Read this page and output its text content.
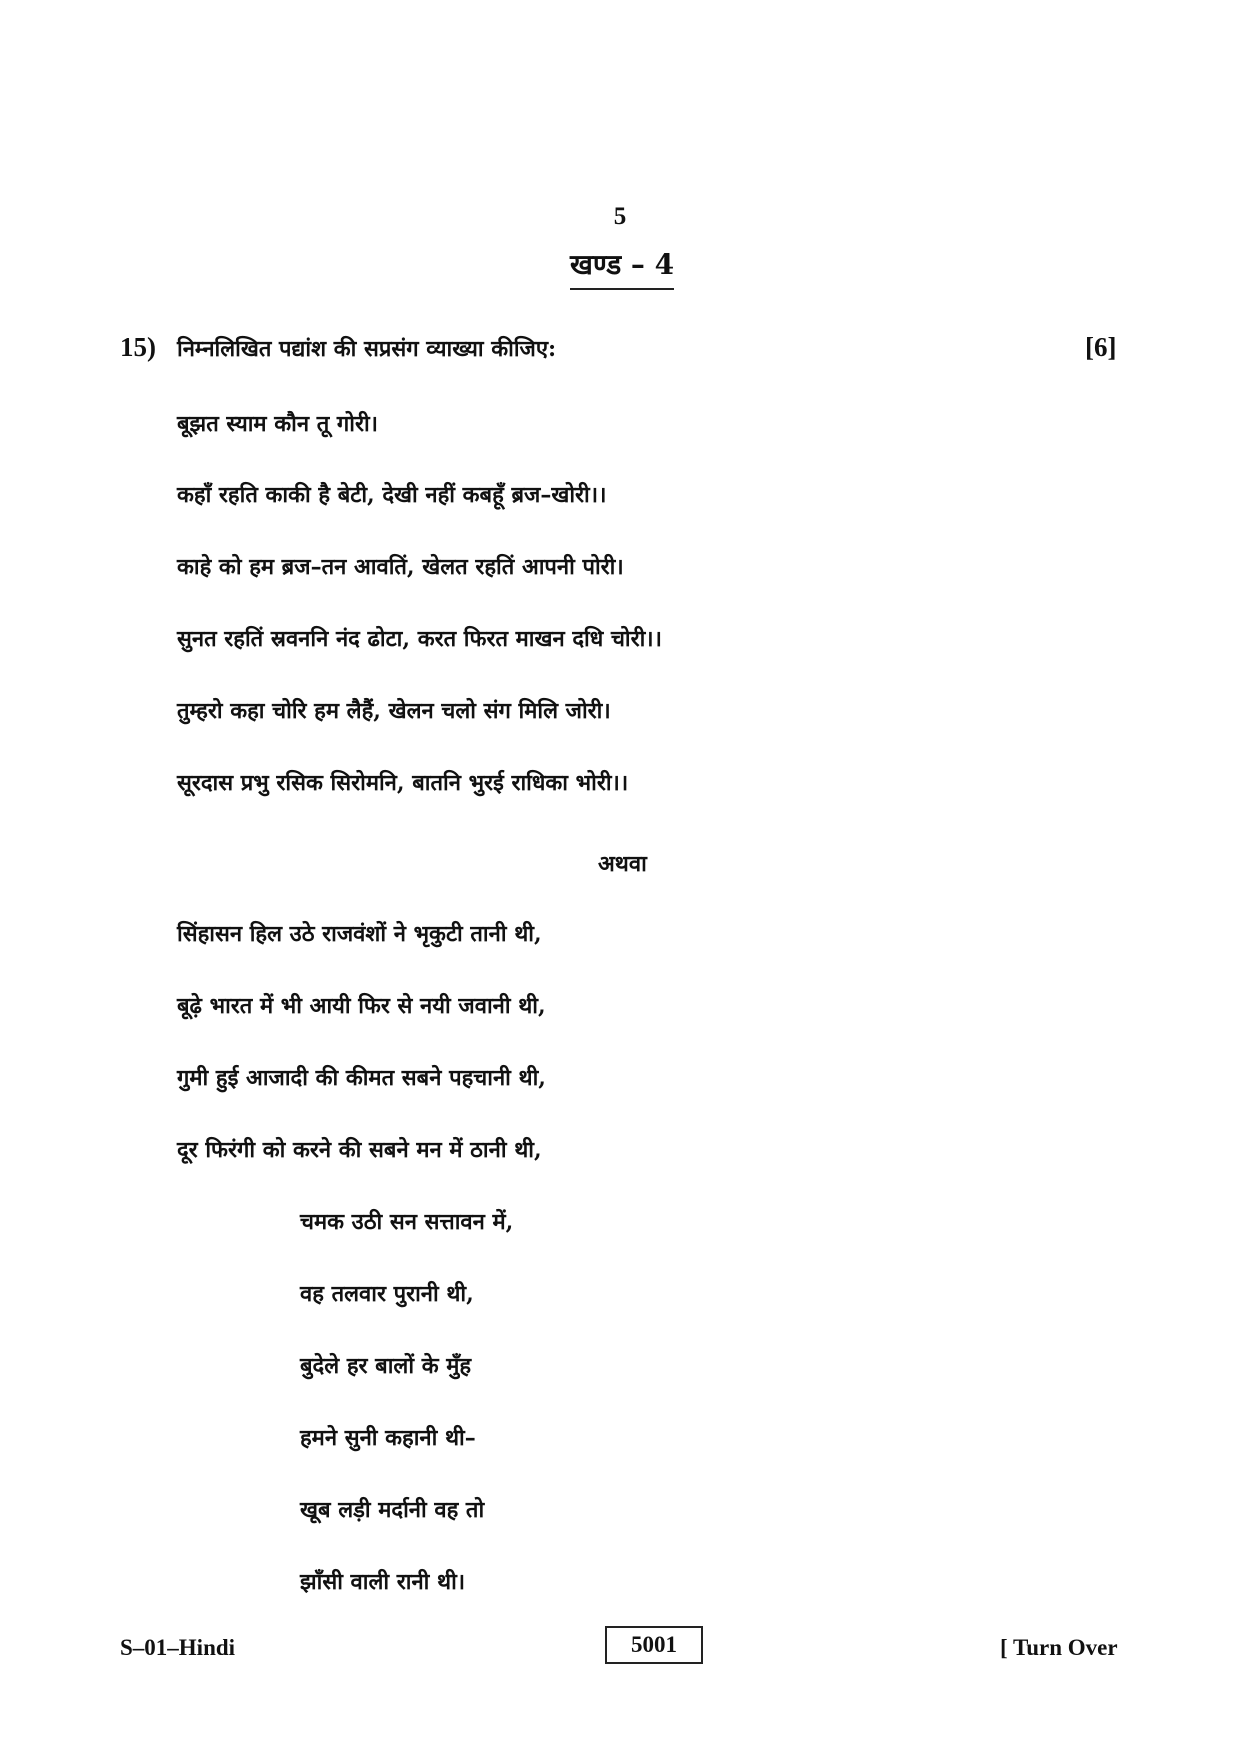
5
खण्ड – 4
15) निम्नलिखित पद्यांश की सप्रसंग व्याख्या कीजिए:	[6]
बूझत स्याम कौन तू गोरी।
कहाँ रहति काकी है बेटी, देखी नहीं कबहूँ ब्रज–खोरी।।
काहे को हम ब्रज–तन आवतिं, खेलत रहतिं आपनी पोरी।
सुनत रहतिं स्रवननि नंद ढोटा, करत फिरत माखन दधि चोरी।।
तुम्हरो कहा चोरि हम लैहैं, खेलन चलो संग मिलि जोरी।
सूरदास प्रभु रसिक सिरोमनि, बातनि भुरई राधिका भोरी।।
अथवा
सिंहासन हिल उठे राजवंशों ने भृकुटी तानी थी,
बूढ़े भारत में भी आयी फिर से नयी जवानी थी,
गुमी हुई आजादी की कीमत सबने पहचानी थी,
दूर फिरंगी को करने की सबने मन में ठानी थी,
चमक उठी सन सत्तावन में,
वह तलवार पुरानी थी,
बुदेले हर बालों के मुँह
हमने सुनी कहानी थी–
खूब लड़ी मर्दानी वह तो
झाँसी वाली रानी थी।
S–01–Hindi	5001	[ Turn Over
